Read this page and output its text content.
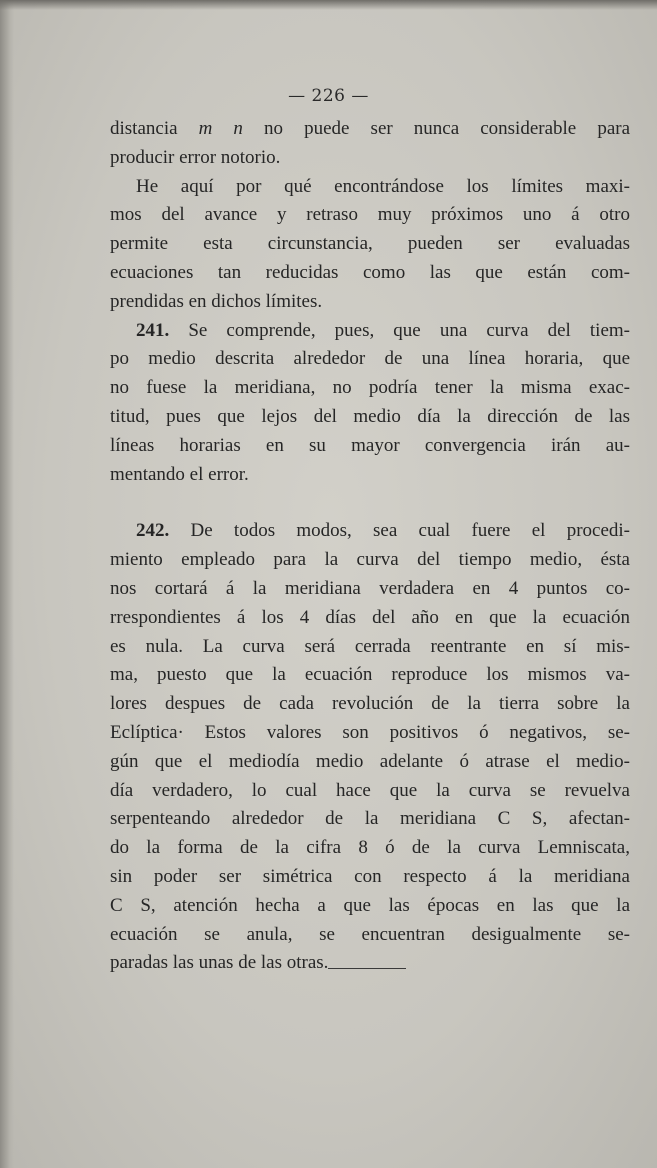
— 226 —
distancia m n no puede ser nunca considerable para
producir error notorio.
He aquí por qué encontrándose los límites maxi-
mos del avance y retraso muy próximos uno á otro
permite esta circunstancia, pueden ser evaluadas
ecuaciones tan reducidas como las que están com-
prendidas en dichos límites.
241. Se comprende, pues, que una curva del tiem-
po medio descrita alrededor de una línea horaria, que
no fuese la meridiana, no podría tener la misma exac-
titud, pues que lejos del medio día la dirección de las
líneas horarias en su mayor convergencia irán au-
mentando el error.
242. De todos modos, sea cual fuere el procedi-
miento empleado para la curva del tiempo medio, ésta
nos cortará á la meridiana verdadera en 4 puntos co-
rrespondientes á los 4 días del año en que la ecuación
es nula. La curva será cerrada reentrante en sí mis-
ma, puesto que la ecuación reproduce los mismos va-
lores despues de cada revolución de la tierra sobre la
Eclíptica· Estos valores son positivos ó negativos, se-
gún que el mediodía medio adelante ó atrase el medio-
día verdadero, lo cual hace que la curva se revuelva
serpenteando alrededor de la meridiana C S, afectan-
do la forma de la cifra 8 ó de la curva Lemniscata,
sin poder ser simétrica con respecto á la meridiana
C S, atención hecha a que las épocas en las que la
ecuación se anula, se encuentran desigualmente se-
paradas las unas de las otras.
